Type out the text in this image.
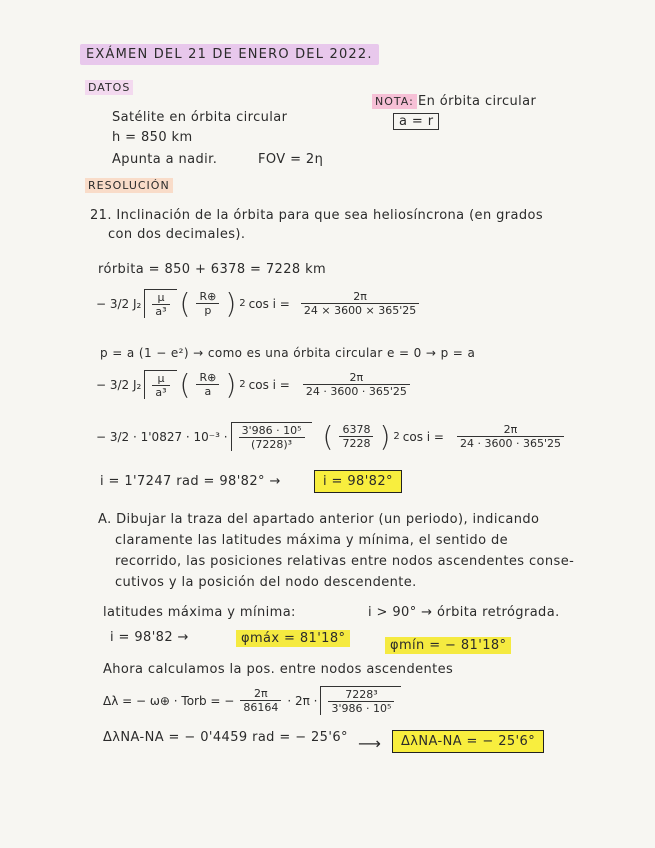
EXÁMEN DEL 21 DE ENERO DEL 2022.
DATOS
Satélite en órbita circular
h = 850 km
Apunta a nadir.	FOV = 2η
NOTA: En órbita circular
a = r
RESOLUCIÓN
21. Inclinación de la órbita para que sea heliosíncrona (en grados
con dos decimales).
rórbita = 850 + 6378 = 7228 km
− 3/2 $J_2 \frac{\mu}{\text{a³}}$ ( $\frac{R\oplus}{p}$ ) 2 $\cos i = \frac{2\pi}{24 \times 3600 \times 365'25}$
p = a (1 − e²) → como es una órbita circular e = 0 → p = a
− 3/2 $J_2 \frac{\mu}{\text{a³}}$ ( $\frac{R\oplus}{a}$ ) 2 $\cos i = \frac{2\pi}{24 \cdot 3600 \cdot 365'25}$
− $3/2 \cdot 1'0827 \cdot 10^{-3} \cdot \frac{\text{3'986 · 10⁵}}{\text{(7228)³}}$ ( $\frac{6378}{7228}$ ) 2 $\cos i = \frac{2\pi}{24 \cdot 3600 \cdot 365'25}$
i = 1'7247 rad = 98'82° →	i = 98'82°
A. Dibujar la traza del apartado anterior (un periodo), indicando
claramente las latitudes máxima y mínima, el sentido de
recorrido, las posiciones relativas entre nodos ascendentes conse-
cutivos y la posición del nodo descendente.
latitudes máxima y mínima:	i > 90° → órbita retrógrada.
i = 98'82 →	φmáx = 81'18°	φmín = − 81'18°
Ahora calculamos la pos. entre nodos ascendentes
Δλ = − ω⊕ · Torb = − $\frac{2\pi}{86164} \cdot 2\pi \cdot \frac{\text{7228³}}{\text{3'986 · 10⁵}}$
ΔλNA-NA = − 0'4459 rad = − 25'6° ⟶	ΔλNA-NA = − 25'6°
